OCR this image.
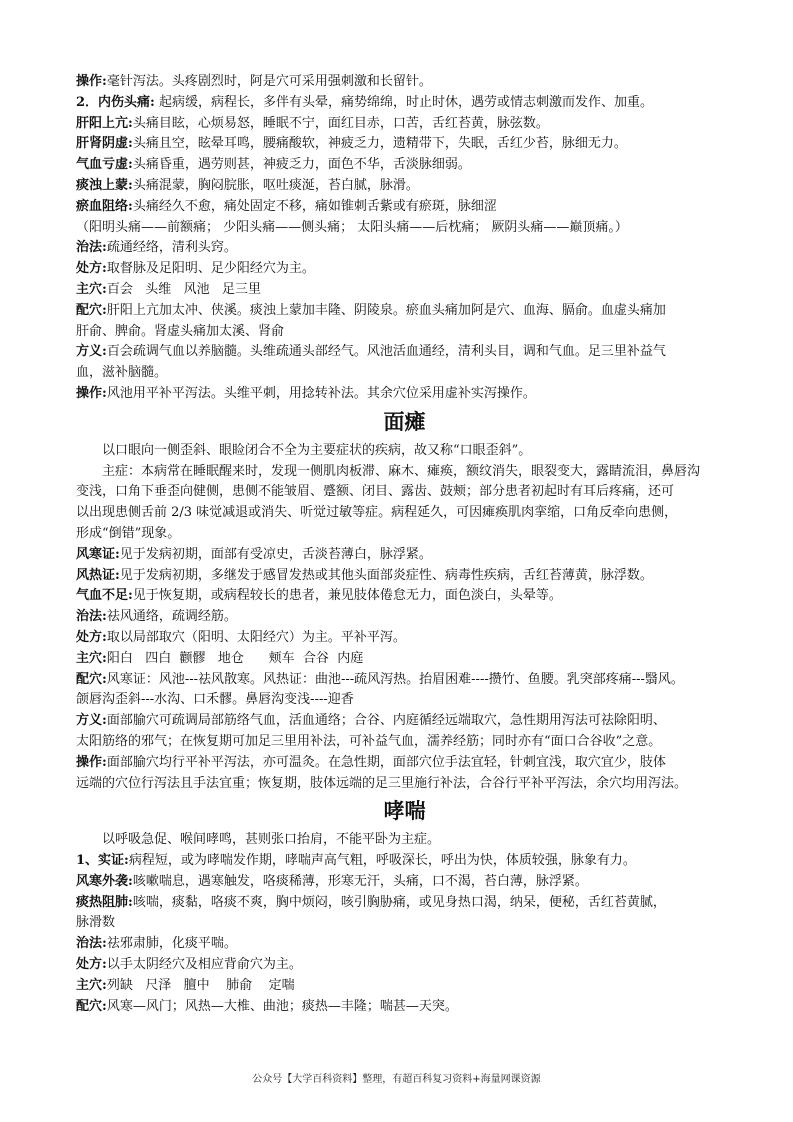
操作:毫针泻法。头疼剧烈时，阿是穴可采用强刺激和长留针。

2．内伤头痛: 起病缓，病程长，多伴有头晕，痛势绵绵，时止时休，遇劳或情志刺激而发作、加重。

肝阳上亢:头痛目眩，心烦易怒，睡眠不宁，面红目赤，口苦，舌红苔黄，脉弦数。

肝肾阴虚:头痛且空，眩晕耳鸣，腰痛酸软，神疲乏力，遗精带下，失眠，舌红少苔，脉细无力。

气血亏虚:头痛昏重，遇劳则甚，神疲乏力，面色不华，舌淡脉细弱。

痰浊上蒙:头痛混蒙，胸闷脘胀，呕吐痰涎，苔白腻，脉滑。

瘀血阻络:头痛经久不愈，痛处固定不移，痛如锥刺舌紫或有瘀斑，脉细涩

（阳明头痛——前额痛； 少阳头痛——侧头痛； 太阳头痛——后枕痛； 厥阴头痛——巅顶痛。）

治法:疏通经络，清利头窍。

处方:取督脉及足阳明、足少阳经穴为主。

主穴:百会   头维   风池   足三里

配穴:肝阳上亢加太冲、侠溪。痰浊上蒙加丰隆、阴陵泉。瘀血头痛加阿是穴、血海、膈俞。血虚头痛加

肝俞、脾俞。肾虚头痛加太溪、肾俞

方义:百会疏调气血以养脑髓。头维疏通头部经气。风池活血通经，清利头目，调和气血。足三里补益气

血，滋补脑髓。

操作:风池用平补平泻法。头维平刺，用捻转补法。其余穴位采用虚补实泻操作。

面瘫

以口眼向一侧歪斜、眼睑闭合不全为主要症状的疾病，故又称“口眼歪斜”。

主症：本病常在睡眠醒来时，发现一侧肌肉板滞、麻木、瘫痪，额纹消失，眼裂变大，露睛流泪，鼻唇沟

变浅，口角下垂歪向健侧，患侧不能皱眉、蹙额、闭目、露齿、鼓颊；部分患者初起时有耳后疼痛，还可

以出现患侧舌前 2/3 味觉减退或消失、听觉过敏等症。病程延久，可因瘫痪肌肉挛缩，口角反牵向患侧，

形成“倒错”现象。

风寒证:见于发病初期，面部有受凉史，舌淡苔薄白，脉浮紧。

风热证:见于发病初期，多继发于感冒发热或其他头面部炎症性、病毒性疾病，舌红苔薄黄，脉浮数。

气血不足:见于恢复期，或病程较长的患者，兼见肢体倦怠无力，面色淡白，头晕等。

治法:祛风通络，疏调经筋。

处方:取以局部取穴（阳明、太阳经穴）为主。平补平泻。

主穴:阳白   四白  颧髎   地仓      颊车  合谷  内庭

配穴:风寒证：风池---祛风散寒。风热证：曲池---疏风泻热。抬眉困难----攒竹、鱼腰。乳突部疼痛---翳风。

颌唇沟歪斜---水沟、口禾髎。鼻唇沟变浅----迎香

方义:面部腧穴可疏调局部筋络气血，活血通络；合谷、内庭循经远端取穴，急性期用泻法可祛除阳明、

太阳筋络的邪气；在恢复期可加足三里用补法，可补益气血，濡养经筋；同时亦有“面口合谷收”之意。

操作:面部腧穴均行平补平泻法，亦可温灸。在急性期，面部穴位手法宜轻，针刺宜浅，取穴宜少，肢体

远端的穴位行泻法且手法宜重；恢复期，肢体远端的足三里施行补法，合谷行平补平泻法，余穴均用泻法。

哮喘

以呼吸急促、喉间哮鸣，甚则张口抬肩，不能平卧为主症。

1、实证:病程短，或为哮喘发作期，哮喘声高气粗，呼吸深长，呼出为快，体质较强，脉象有力。

风寒外袭:咳嗽喘息，遇寒触发，咯痰稀薄，形寒无汗，头痛，口不渴，苔白薄，脉浮紧。

痰热阻肺:咳喘，痰黏，咯痰不爽，胸中烦闷，咳引胸胁痛，或见身热口渴，纳呆，便秘，舌红苔黄腻，

脉滑数

治法:祛邪肃肺，化痰平喘。

处方:以手太阴经穴及相应背俞穴为主。

主穴:列缺   尺泽   膻中    肺俞    定喘

配穴:风寒—风门；风热—大椎、曲池；痰热—丰隆；喘甚—天突。

公众号【大学百科资料】整理，有超百科复习资料+海量网课资源
